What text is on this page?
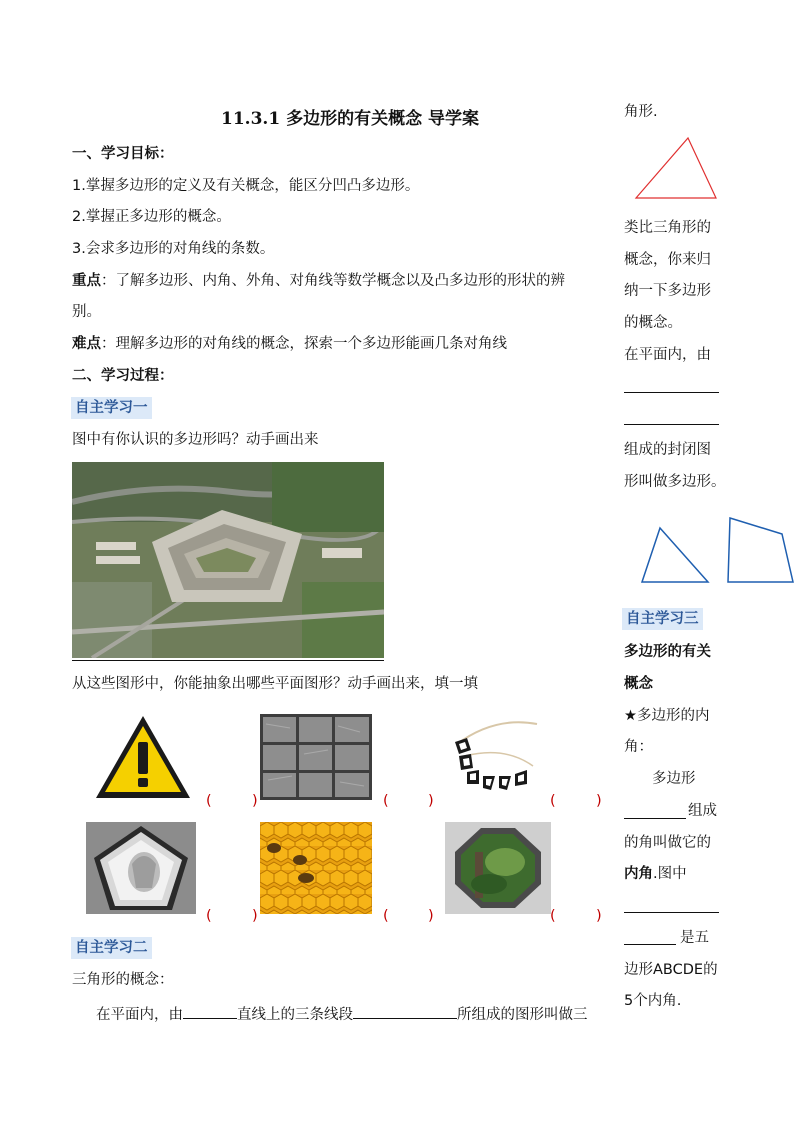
11.3.1 多边形的有关概念 导学案
一、学习目标：
1.掌握多边形的定义及有关概念，能区分凹凸多边形。
2.掌握正多边形的概念。
3.会求多边形的对角线的条数。
重点：了解多边形、内角、外角、对角线等数学概念以及凸多边形的形状的辨
别。
难点：理解多边形的对角线的概念，探索一个多边形能画几条对角线
二、学习过程：
自主学习一
图中有你认识的多边形吗？动手画出来
从这些图形中，你能抽象出哪些平面图形？动手画出来，填一填
(	)	(	)	(	)
(	)	(	)	(	)
自主学习二
三角形的概念：
在平面内，由	直线上的三条线段	所组成的图形叫做三
角形.
类比三角形的
概念，你来归
纳一下多边形
的概念。
在平面内，由
组成的封闭图
形叫做多边形。
自主学习三
多边形的有关
概念
★多边形的内
角：
多边形
组成
的角叫做它的
内角.图中
是五
边形ABCDE的
5个内角.
